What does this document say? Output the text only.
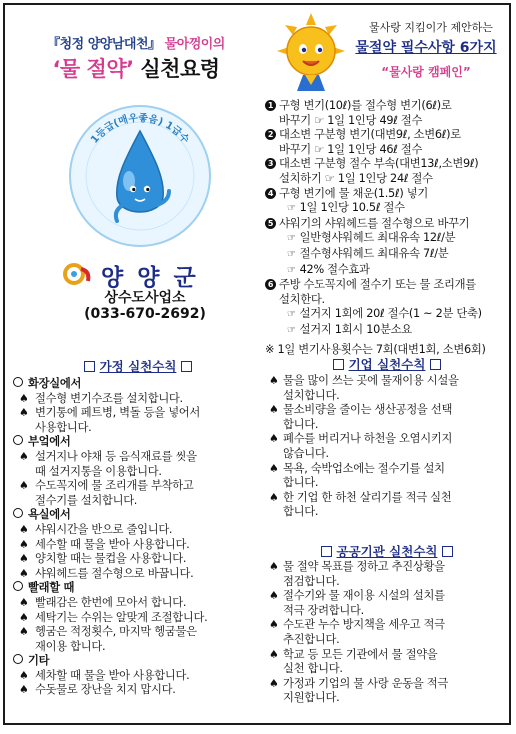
『청정 양양남대천』 물아껑이의
‘물 절약’ 실천요령
1등급(매우좋음) 1급수
양 양 군
상수도사업소
(033-670-2692)
물사랑 지킴이가 제안하는
물절약 필수사항 6가지
“물사랑 캠페인”
1 구형 변기(10ℓ)를 절수형 변기(6ℓ)로
바꾸기 ☞ 1일 1인당 49ℓ 절수
2 대소변 구분형 변기(대변9ℓ, 소변6ℓ)로
바꾸기 ☞ 1일 1인당 46ℓ 절수
3 대소변 구분형 절수 부속(대변13ℓ,소변9ℓ)
설치하기 ☞ 1일 1인당 24ℓ 절수
4 구형 변기에 물 채운(1.5ℓ) 넣기
☞ 1일 1인당 10.5ℓ 절수
5 샤워기의 샤워헤드를 절수형으로 바꾸기
☞ 일반형샤워헤드 최대유속 12ℓ/분
☞ 절수형샤워헤드 최대유속 7ℓ/분
☞ 42% 절수효과
6 주방 수도꼭지에 절수기 또는 물 조리개를
설치한다.
☞ 설거지 1회에 20ℓ 절수(1 ~ 2분 단축)
☞ 설거지 1회시 10분소요
※ 1일 변기사용횟수는 7회(대변1회, 소변6회)
가정 실천수칙
화장실에서
♠ 절수형 변기수조를 설치합니다.
♠ 변기통에 페트병, 벽돌 등을 넣어서
사용합니다.
부엌에서
♠ 설거지나 야채 등 음식재료를 씻을
때 설거지통을 이용합니다.
♠ 수도꼭지에 물 조리개를 부착하고
절수기를 설치합니다.
욕실에서
♠ 샤워시간을 반으로 줄입니다.
♠ 세수할 때 물을 받아 사용합니다.
♠ 양치할 때는 물컵을 사용합니다.
♠ 샤워헤드를 절수형으로 바꿉니다.
빨래할 때
♠ 빨래감은 한번에 모아서 합니다.
♠ 세탁기는 수위는 알맞게 조절합니다.
♠ 헹굼은 적정횟수, 마지막 헹굼물은
재이용 합니다.
기타
♠ 세차할 때 물을 받아 사용합니다.
♠ 수돗물로 장난을 치지 맙시다.
기업 실천수칙
♠ 물을 많이 쓰는 곳에 물재이용 시설을
설치합니다.
♠ 물소비량을 줄이는 생산공정을 선택
합니다.
♠ 폐수를 버리거나 하천을 오염시키지
않습니다.
♠ 목욕, 숙박업소에는 절수기를 설치
합니다.
♠ 한 기업 한 하천 살리기를 적극 실천
합니다.
공공기관 실천수칙
♠ 물 절약 목표를 정하고 추진상황을
점검합니다.
♠ 절수기와 물 재이용 시설의 설치를
적극 장려합니다.
♠ 수도관 누수 방지책을 세우고 적극
추진합니다.
♠ 학교 등 모든 기관에서 물 절약을
실천 합니다.
♠ 가정과 기업의 물 사랑 운동을 적극
지원합니다.
